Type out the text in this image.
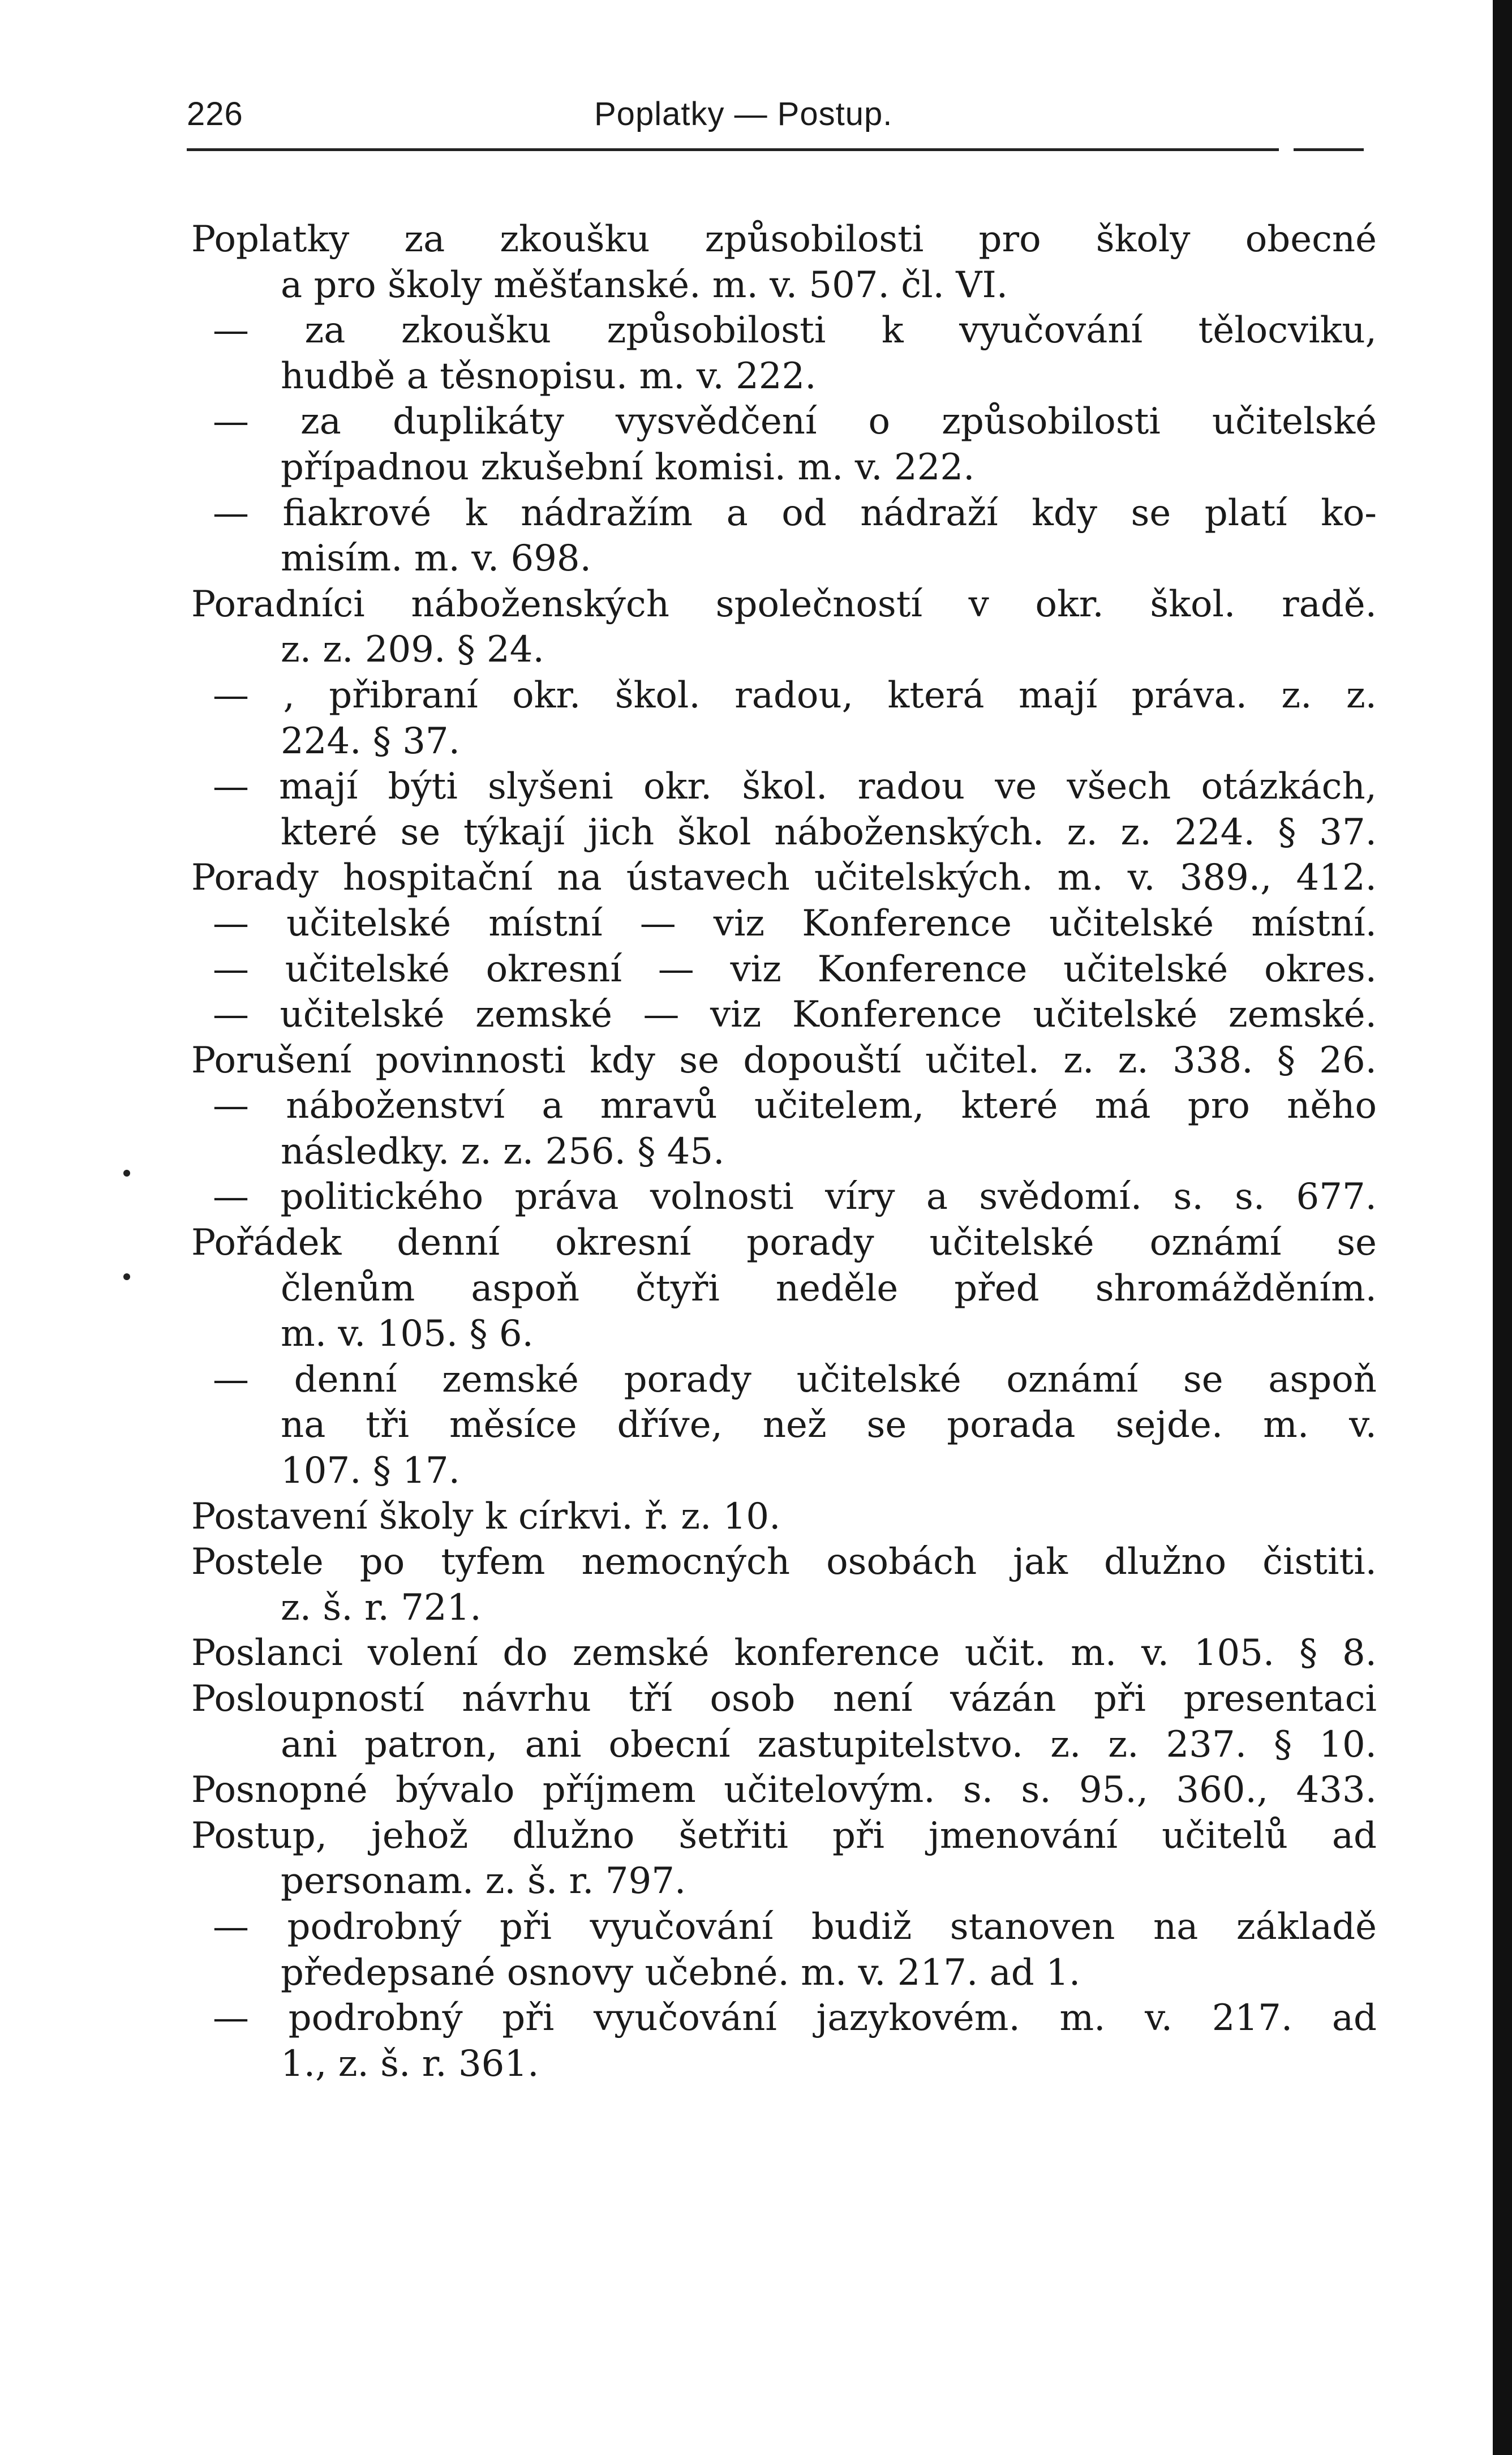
226	Poplatky — Postup.
Poplatky za zkoušku způsobilosti pro školy obecné
a pro školy měšťanské. m. v. 507. čl. VI.
— za zkoušku způsobilosti k vyučování tělocviku,
hudbě a těsnopisu. m. v. 222.
— za duplikáty vysvědčení o způsobilosti učitelské
případnou zkušební komisi. m. v. 222.
— fiakrové k nádražím a od nádraží kdy se platí ko-
misím. m. v. 698.
Poradníci náboženských společností v okr. škol. radě.
z. z. 209. § 24.
— , přibraní okr. škol. radou, která mají práva. z. z.
224. § 37.
— mají býti slyšeni okr. škol. radou ve všech otázkách,
které se týkají jich škol náboženských. z. z. 224. § 37.
Porady hospitační na ústavech učitelských. m. v. 389., 412.
— učitelské místní — viz Konference učitelské místní.
— učitelské okresní — viz Konference učitelské okres.
— učitelské zemské — viz Konference učitelské zemské.
Porušení povinnosti kdy se dopouští učitel. z. z. 338. § 26.
— náboženství a mravů učitelem, které má pro něho
následky. z. z. 256. § 45.
— politického práva volnosti víry a svědomí. s. s. 677.
Pořádek denní okresní porady učitelské oznámí se
členům aspoň čtyři neděle před shromážděním.
m. v. 105. § 6.
— denní zemské porady učitelské oznámí se aspoň
na tři měsíce dříve, než se porada sejde. m. v.
107. § 17.
Postavení školy k církvi. ř. z. 10.
Postele po tyfem nemocných osobách jak dlužno čistiti.
z. š. r. 721.
Poslanci volení do zemské konference učit. m. v. 105. § 8.
Posloupností návrhu tří osob není vázán při presentaci
ani patron, ani obecní zastupitelstvo. z. z. 237. § 10.
Posnopné bývalo příjmem učitelovým. s. s. 95., 360., 433.
Postup, jehož dlužno šetřiti při jmenování učitelů ad
personam. z. š. r. 797.
— podrobný při vyučování budiž stanoven na základě
předepsané osnovy učebné. m. v. 217. ad 1.
— podrobný při vyučování jazykovém. m. v. 217. ad
1., z. š. r. 361.
